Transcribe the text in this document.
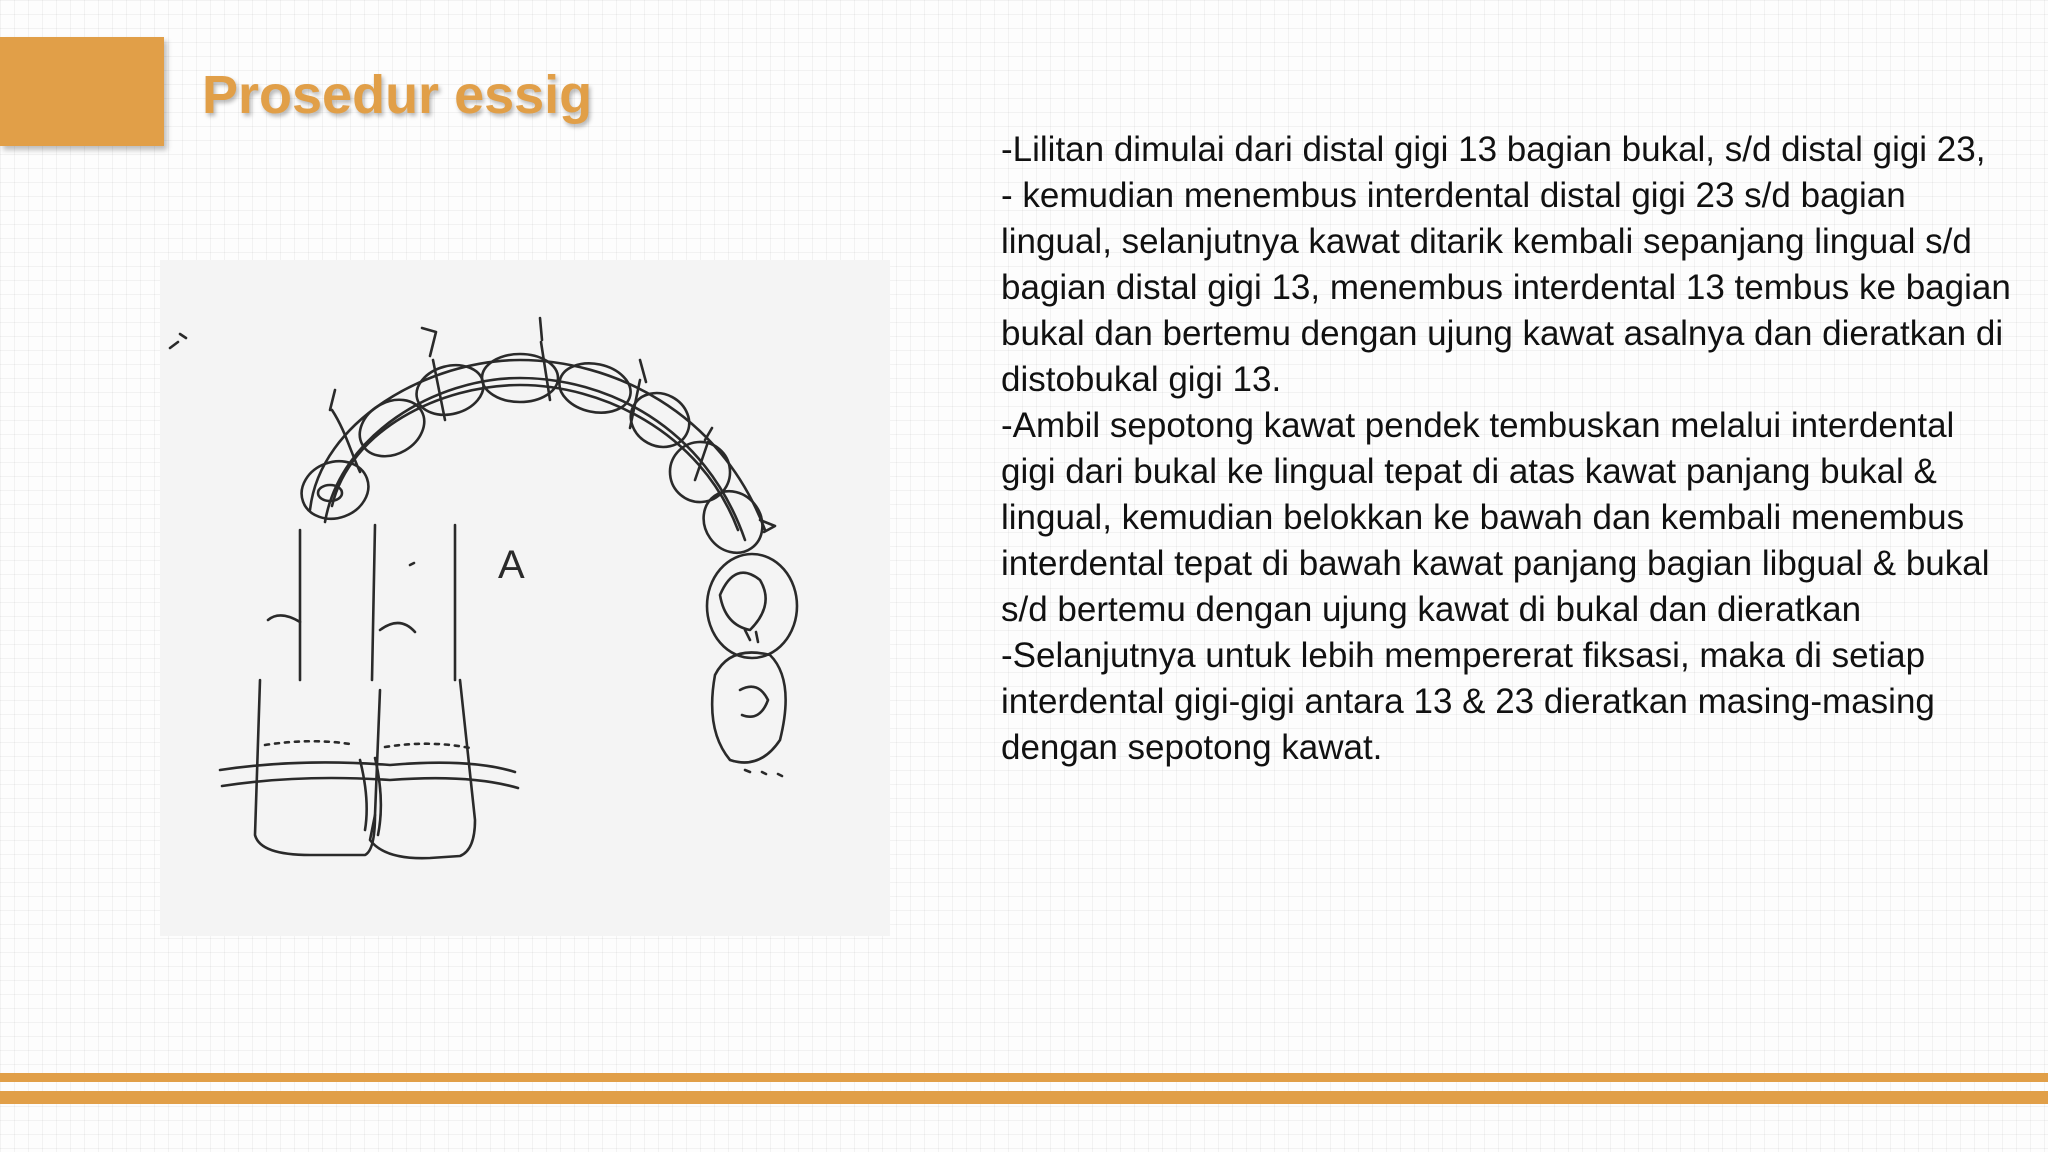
Prosedur essig
A

-Lilitan dimulai dari distal gigi 13 bagian bukal, s/d distal gigi 23,

- kemudian menembus interdental distal gigi 23 s/d bagian lingual, selanjutnya kawat ditarik kembali sepanjang lingual s/d  bagian distal gigi 13, menembus interdental 13 tembus ke bagian bukal dan bertemu dengan ujung kawat asalnya dan dieratkan di distobukal gigi 13.

-Ambil sepotong kawat pendek tembuskan melalui interdental gigi dari bukal ke lingual tepat di atas kawat panjang bukal & lingual, kemudian belokkan ke bawah dan kembali menembus interdental tepat di bawah kawat panjang bagian libgual & bukal s/d bertemu dengan ujung kawat di bukal dan dieratkan

-Selanjutnya untuk lebih mempererat fiksasi, maka di setiap interdental gigi-gigi antara 13 & 23 dieratkan masing-masing dengan sepotong kawat.
